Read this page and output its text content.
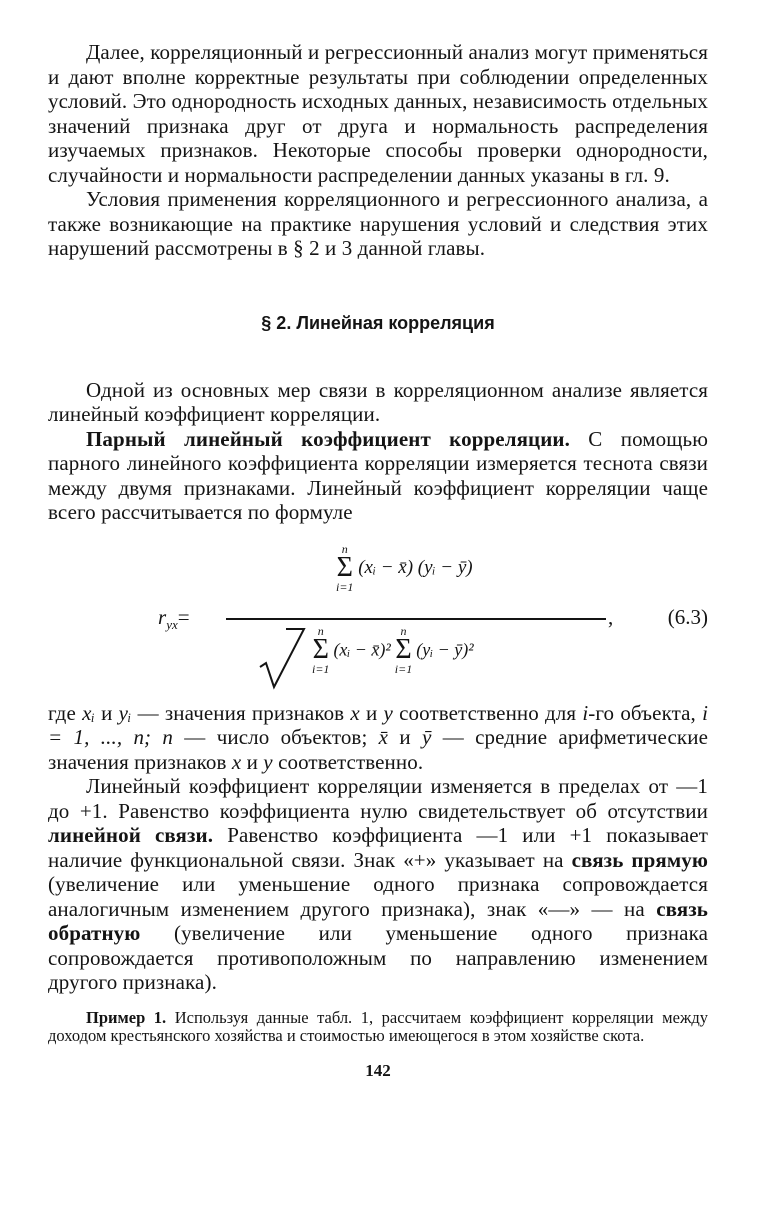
Далее, корреляционный и регрессионный анализ могут применяться и дают вполне корректные результаты при соблюдении определенных условий. Это однородность исходных данных, независимость отдельных значений признака друг от друга и нормальность распределения изучаемых признаков. Некоторые способы проверки однородности, случайности и нормальности распределении данных указаны в гл. 9.

Условия применения корреляционного и регрессионного анализа, а также возникающие на практике нарушения условий и следствия этих нарушений рассмотрены в § 2 и 3 данной главы.

§ 2. Линейная корреляция

Одной из основных мер связи в корреляционном анализе является линейный коэффициент корреляции.

Парный линейный коэффициент корреляции. С помощью парного линейного коэффициента корреляции измеряется теснота связи между двумя признаками. Линейный коэффициент корреляции чаще всего рассчитывается по формуле

$r_{yx}=$
n
Σ
i=1 (xᵢ − x̄) (yᵢ − ȳ)
n
Σ
i=1 (xᵢ − x̄)² n
Σ
i=1 (yᵢ − ȳ)²
,	(6.3)

где xᵢ и yᵢ — значения признаков x и y соответственно для i-го объекта, i = 1, ..., n; n — число объектов; x̄ и ȳ — средние арифметические значения признаков x и y соответственно.

Линейный коэффициент корреляции изменяется в пределах от —1 до +1. Равенство коэффициента нулю свидетельствует об отсутствии линейной связи. Равенство коэффициента —1 или +1 показывает наличие функциональной связи. Знак «+» указывает на связь прямую (увеличение или уменьшение одного признака сопровождается аналогичным изменением другого признака), знак «—» — на связь обратную (увеличение или уменьшение одного признака сопровождается противоположным по направлению изменением другого признака).

Пример 1. Используя данные табл. 1, рассчитаем коэффициент корреляции между доходом крестьянского хозяйства и стоимостью имеющегося в этом хозяйстве скота.

142
